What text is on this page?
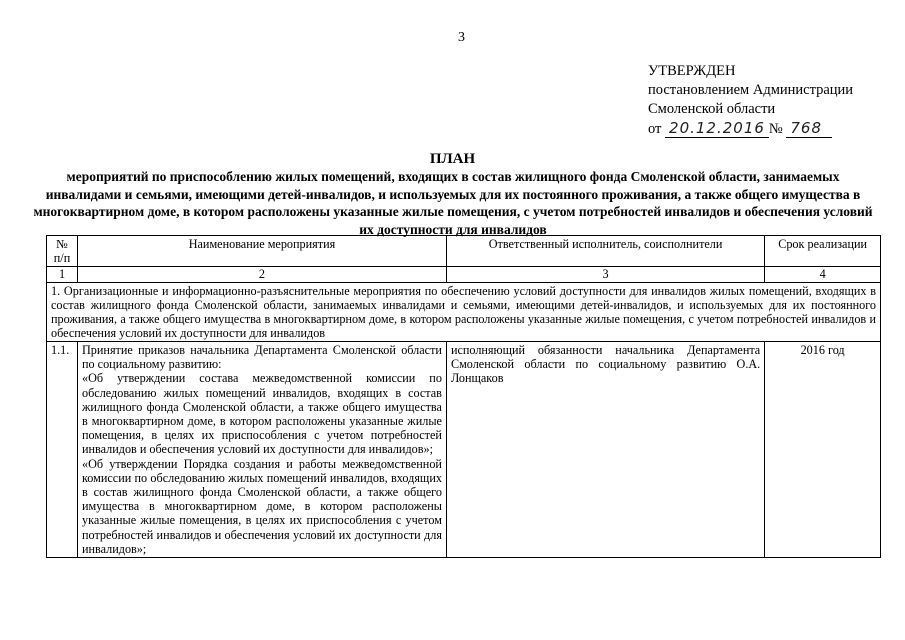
3
УТВЕРЖДЕН
постановлением Администрации
Смоленской области
от 20.12.2016 № 768
ПЛАН
мероприятий по приспособлению жилых помещений, входящих в состав жилищного фонда Смоленской области, занимаемых инвалидами и семьями, имеющими детей-инвалидов, и используемых для их постоянного проживания, а также общего имущества в многоквартирном доме, в котором расположены указанные жилые помещения, с учетом потребностей инвалидов и обеспечения условий их доступности для инвалидов
№ п/п	Наименование мероприятия	Ответственный исполнитель, соисполнители	Срок реализации
1	2	3	4
1. Организационные и информационно-разъяснительные мероприятия по обеспечению условий доступности для инвалидов жилых помещений, входящих в состав жилищного фонда Смоленской области, занимаемых инвалидами и семьями, имеющими детей-инвалидов, и используемых для их постоянного проживания, а также общего имущества в многоквартирном доме, в котором расположены указанные жилые помещения, с учетом потребностей инвалидов и обеспечения условий их доступности для инвалидов			
1.1.	Принятие приказов начальника Департамента Смоленской области по социальному развитию:
«Об утверждении состава межведомственной комиссии по обследованию жилых помещений инвалидов, входящих в состав жилищного фонда Смоленской области, а также общего имущества в многоквартирном доме, в котором расположены указанные жилые помещения, в целях их приспособления с учетом потребностей инвалидов и обеспечения условий их доступности для инвалидов»;
«Об утверждении Порядка создания и работы межведомственной комиссии по обследованию жилых помещений инвалидов, входящих в состав жилищного фонда Смоленской области, а также общего имущества в многоквартирном доме, в котором расположены указанные жилые помещения, в целях их приспособления с учетом потребностей инвалидов и обеспечения условий их доступности для инвалидов»;	исполняющий обязанности начальника Департамента Смоленской области по социальному развитию О.А. Лонщаков	2016 год
